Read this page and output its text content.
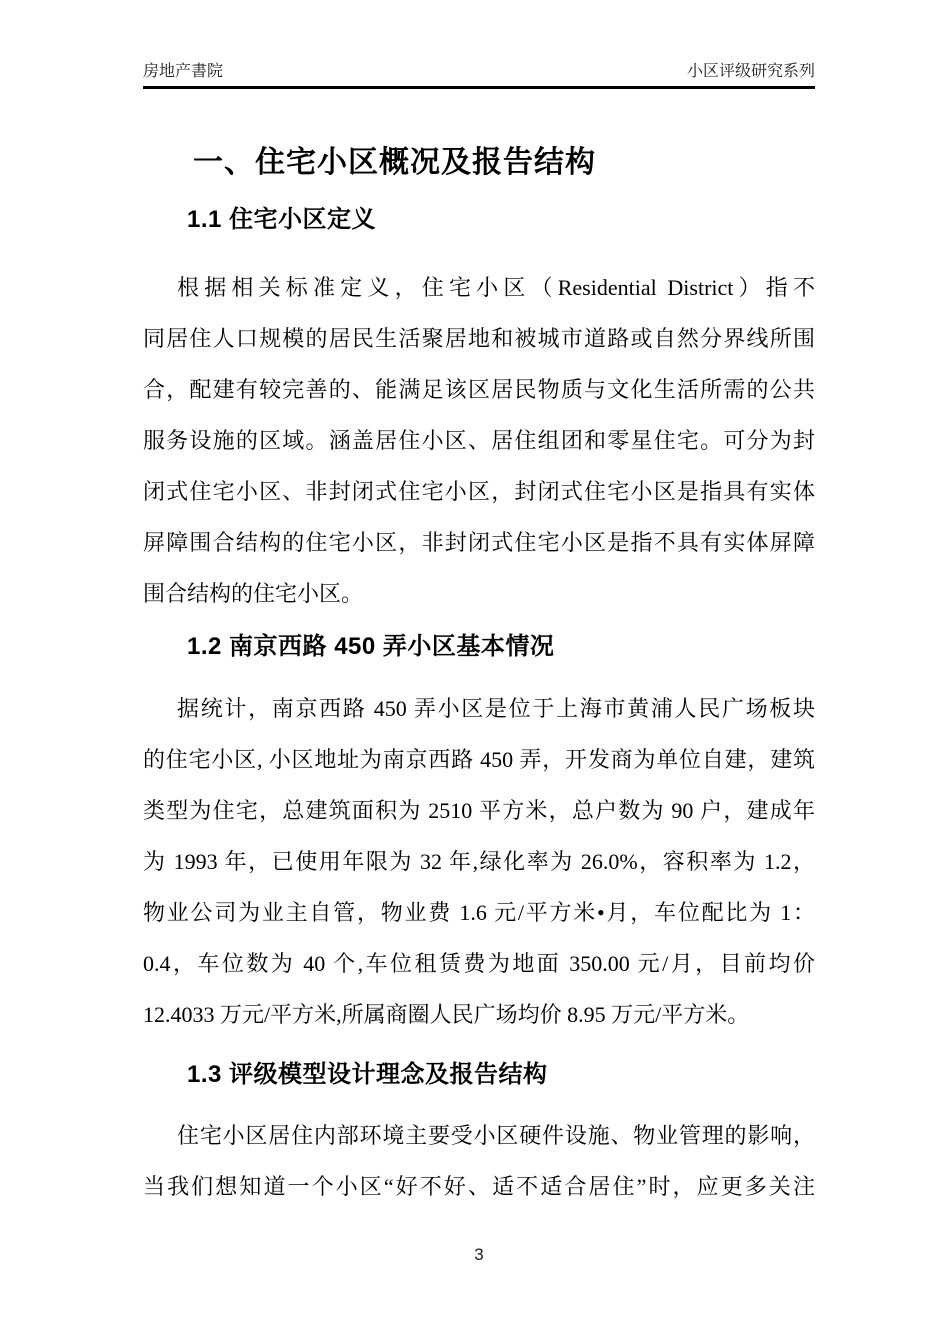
房地产書院	小区评级研究系列
一、住宅小区概况及报告结构
1.1 住宅小区定义
根据相关标准定义，住宅小区（Residential District）指不
同居住人口规模的居民生活聚居地和被城市道路或自然分界线所围
合，配建有较完善的、能满足该区居民物质与文化生活所需的公共
服务设施的区域。涵盖居住小区、居住组团和零星住宅。可分为封
闭式住宅小区、非封闭式住宅小区，封闭式住宅小区是指具有实体
屏障围合结构的住宅小区，非封闭式住宅小区是指不具有实体屏障
围合结构的住宅小区。
1.2 南京西路 450 弄小区基本情况
据统计，南京西路 450 弄小区是位于上海市黄浦人民广场板块
的住宅小区, 小区地址为南京西路 450 弄，开发商为单位自建，建筑
类型为住宅，总建筑面积为 2510 平方米，总户数为 90 户，建成年
为 1993 年，已使用年限为 32 年,绿化率为 26.0%，容积率为 1.2，
物业公司为业主自管，物业费 1.6 元/平方米•月，车位配比为 1：
0.4，车位数为 40 个,车位租赁费为地面 350.00 元/月，目前均价
12.4033 万元/平方米,所属商圈人民广场均价 8.95 万元/平方米。
1.3 评级模型设计理念及报告结构
住宅小区居住内部环境主要受小区硬件设施、物业管理的影响，
当我们想知道一个小区“好不好、适不适合居住”时，应更多关注
3
